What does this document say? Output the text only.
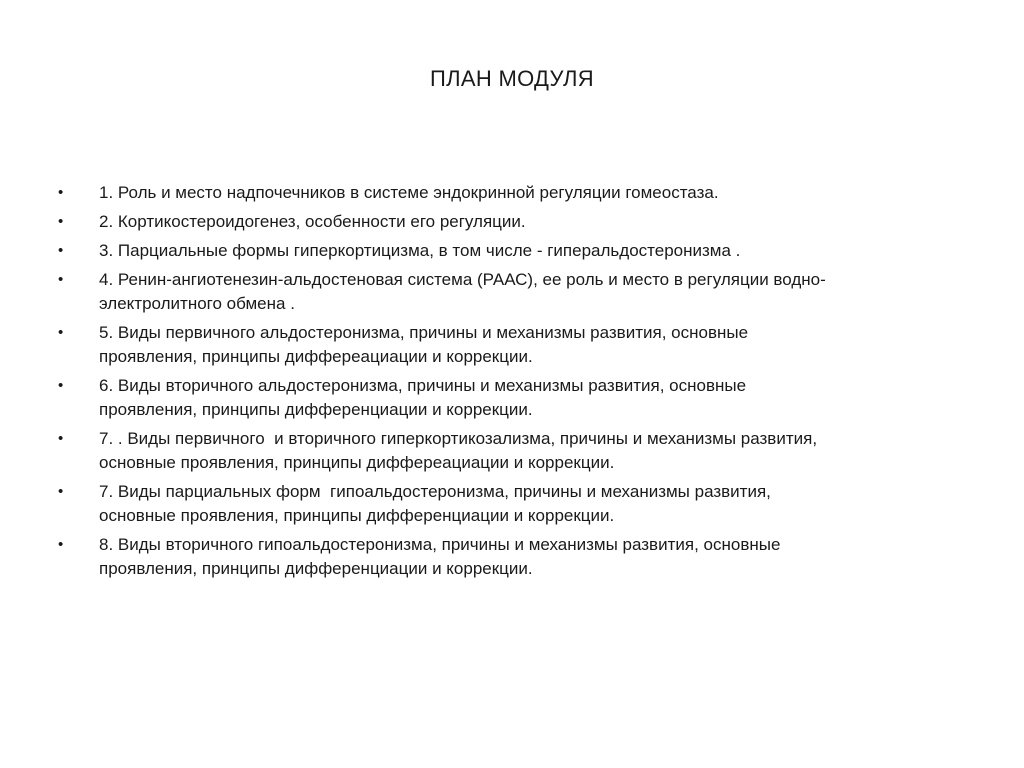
ПЛАН МОДУЛЯ
•	1. Роль и место надпочечников в системе эндокринной регуляции гомеостаза.
•	2. Кортикостероидогенез, особенности его регуляции.
•	3. Парциальные формы гиперкортицизма, в том числе - гиперальдостеронизма .
•	4. Ренин-ангиотенезин-альдостеновая система (РААС), ее роль и место в регуляции водно-
электролитного обмена .
•	5. Виды первичного альдостеронизма, причины и механизмы развития, основные
проявления, принципы диффереациации и коррекции.
•	6. Виды вторичного альдостеронизма, причины и механизмы развития, основные
проявления, принципы дифференциации и коррекции.
•	7. . Виды первичного  и вторичного гиперкортикозализма, причины и механизмы развития,
основные проявления, принципы диффереациации и коррекции.
•	7. Виды парциальных форм  гипоальдостеронизма, причины и механизмы развития,
основные проявления, принципы дифференциации и коррекции.
•	8. Виды вторичного гипоальдостеронизма, причины и механизмы развития, основные
проявления, принципы дифференциации и коррекции.
